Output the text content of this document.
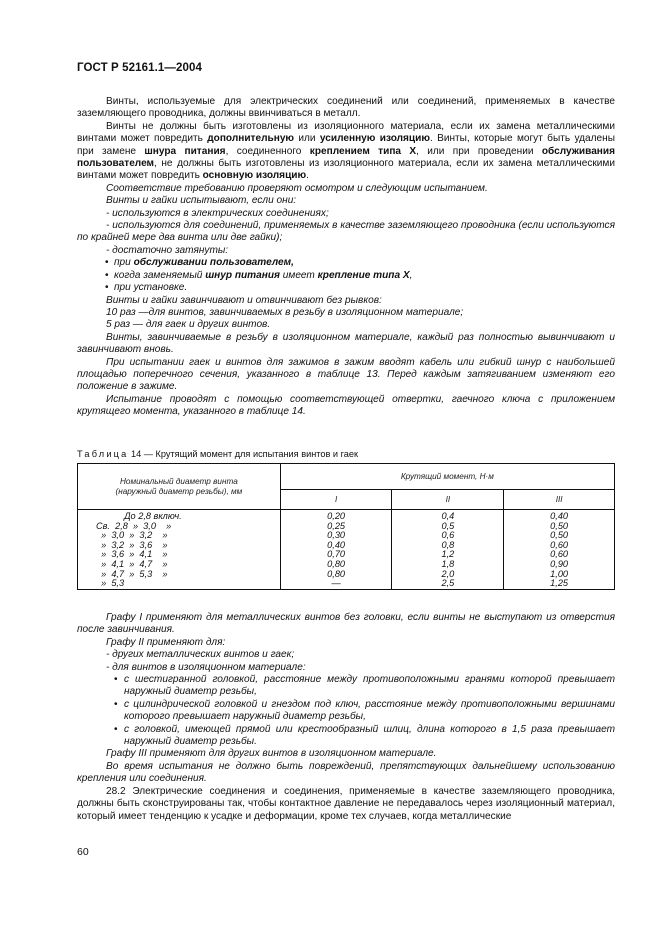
ГОСТ Р 52161.1—2004

Винты, используемые для электрических соединений или соединений, применяемых в качестве заземляющего проводника, должны ввинчиваться в металл.

Винты не должны быть изготовлены из изоляционного материала, если их замена металлическими винтами может повредить дополнительную или усиленную изоляцию. Винты, которые могут быть удалены при замене шнура питания, соединенного креплением типа X, или при проведении обслуживания пользователем, не должны быть изготовлены из изоляционного материала, если их замена металлическими винтами может повредить основную изоляцию.

Соответствие требованию проверяют осмотром и следующим испытанием.

Винты и гайки испытывают, если они:

- используются в электрических соединениях;

- используются для соединений, применяемых в качестве заземляющего проводника (если используются по крайней мере два винта или две гайки);

- достаточно затянуты:

• при обслуживании пользователем,

• когда заменяемый шнур питания имеет крепление типа X,

• при установке.

Винты и гайки завинчивают и отвинчивают без рывков:

10 раз —для винтов, завинчиваемых в резьбу в изоляционном материале;

5 раз — для гаек и других винтов.

Винты, завинчиваемые в резьбу в изоляционном материале, каждый раз полностью вывинчивают и завинчивают вновь.

При испытании гаек и винтов для зажимов в зажим вводят кабель или гибкий шнур с наибольшей площадью поперечного сечения, указанного в таблице 13. Перед каждым затягиванием изменяют его положение в зажиме.

Испытание проводят с помощью соответствующей отвертки, гаечного ключа с приложением крутящего момента, указанного в таблице 14.

Таблица 14 — Крутящий момент для испытания винтов и гаек
Номинальный диаметр винта (наружный диаметр резьбы), мм	Крутящий момент, Н·м		
	I	II	III
До 2,8 включ.	0,20	0,4	0,40
Св.  2,8  »  3,0    »	0,25	0,5	0,50
»  3,0  »  3,2    »	0,30	0,6	0,50
»  3,2  »  3,6    »	0,40	0,8	0,60
»  3,6  »  4,1    »	0,70	1,2	0,60
»  4,1  »  4,7    »	0,80	1,8	0,90
»  4,7  »  5,3    »	0,80	2,0	1,00
»  5,3	—	2,5	1,25

Графу I применяют для металлических винтов без головки, если винты не выступают из отверстия после завинчивания.

Графу II применяют для:

- других металлических винтов и гаек;

- для винтов в изоляционном материале:

• с шестигранной головкой, расстояние между противоположными гранями которой превышает наружный диаметр резьбы,

• с цилиндрической головкой и гнездом под ключ, расстояние между противоположными вершинами которого превышает наружный диаметр резьбы,

• с головкой, имеющей прямой или крестообразный шлиц, длина которого в 1,5 раза превышает наружный диаметр резьбы.

Графу III применяют для других винтов в изоляционном материале.

Во время испытания не должно быть повреждений, препятствующих дальнейшему использованию крепления или соединения.

28.2 Электрические соединения и соединения, применяемые в качестве заземляющего проводника, должны быть сконструированы так, чтобы контактное давление не передавалось через изоляционный материал, который имеет тенденцию к усадке и деформации, кроме тех случаев, когда металлические

60
